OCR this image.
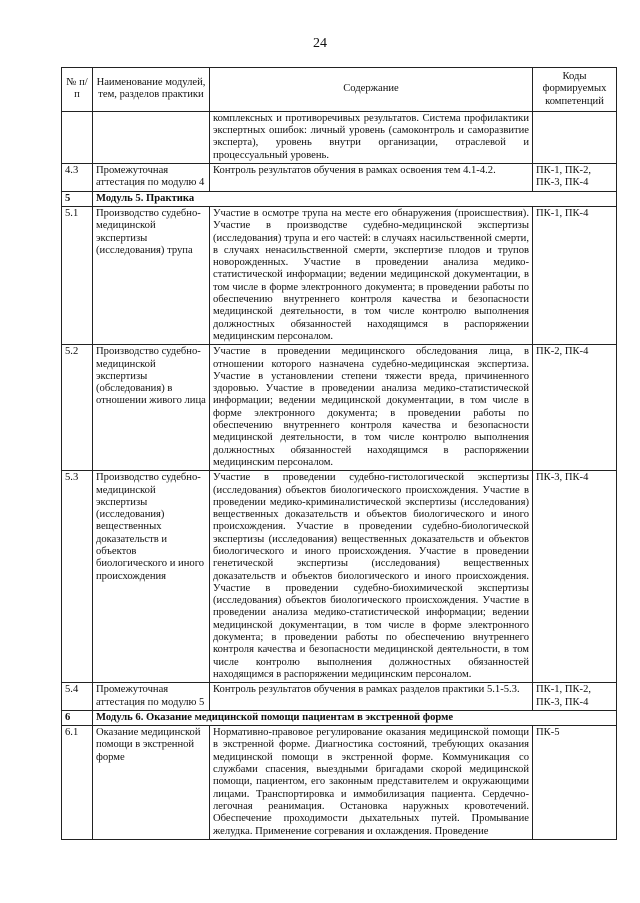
24
№ п/п	Наименование модулей, тем, разделов практики	Содержание	Коды формируемых компетенций
		комплексных и противоречивых результатов. Система профилактики экспертных ошибок: личный уровень (самоконтроль и саморазвитие эксперта), уровень внутри организации, отраслевой и процессуальный уровень.	
4.3	Промежуточная аттестация по модулю 4	Контроль результатов обучения в рамках освоения тем 4.1-4.2.	ПК-1, ПК-2, ПК-3, ПК-4
5	Модуль 5. Практика		
5.1	Производство судебно-медицинской экспертизы (исследования) трупа	Участие в осмотре трупа на месте его обнаружения (происшествия). Участие в производстве судебно-медицинской экспертизы (исследования) трупа и его частей: в случаях насильственной смерти, в случаях ненасильственной смерти, экспертизе плодов и трупов новорожденных. Участие в проведении анализа медико-статистической информации; ведении медицинской документации, в том числе в форме электронного документа; в проведении работы по обеспечению внутреннего контроля качества и безопасности медицинской деятельности, в том числе контролю выполнения должностных обязанностей находящимся в распоряжении медицинским персоналом.	ПК-1, ПК-4
5.2	Производство судебно-медицинской экспертизы (обследования) в отношении живого лица	Участие в проведении медицинского обследования лица, в отношении которого назначена судебно-медицинская экспертиза. Участие в установлении степени тяжести вреда, причиненного здоровью. Участие в проведении анализа медико-статистической информации; ведении медицинской документации, в том числе в форме электронного документа; в проведении работы по обеспечению внутреннего контроля качества и безопасности медицинской деятельности, в том числе контролю выполнения должностных обязанностей находящимся в распоряжении медицинским персоналом.	ПК-2, ПК-4
5.3	Производство судебно-медицинской экспертизы (исследования) вещественных доказательств и объектов биологического и иного происхождения	Участие в проведении судебно-гистологической экспертизы (исследования) объектов биологического происхождения. Участие в проведении медико-криминалистической экспертизы (исследования) вещественных доказательств и объектов биологического и иного происхождения. Участие в проведении судебно-биологической экспертизы (исследования) вещественных доказательств и объектов биологического и иного происхождения. Участие в проведении генетической экспертизы (исследования) вещественных доказательств и объектов биологического и иного происхождения. Участие в проведении судебно-биохимической экспертизы (исследования) объектов биологического происхождения. Участие в проведении анализа медико-статистической информации; ведении медицинской документации, в том числе в форме электронного документа; в проведении работы по обеспечению внутреннего контроля качества и безопасности медицинской деятельности, в том числе контролю выполнения должностных обязанностей находящимся в распоряжении медицинским персоналом.	ПК-3, ПК-4
5.4	Промежуточная аттестация по модулю 5	Контроль результатов обучения в рамках разделов практики 5.1-5.3.	ПК-1, ПК-2, ПК-3, ПК-4
6	Модуль 6. Оказание медицинской помощи пациентам в экстренной форме		
6.1	Оказание медицинской помощи в экстренной форме	Нормативно-правовое регулирование оказания медицинской помощи в экстренной форме. Диагностика состояний, требующих оказания медицинской помощи в экстренной форме. Коммуникация со службами спасения, выездными бригадами скорой медицинской помощи, пациентом, его законным представителем и окружающими лицами. Транспортировка и иммобилизация пациента. Сердечно-легочная реанимация. Остановка наружных кровотечений. Обеспечение проходимости дыхательных путей. Промывание желудка. Применение согревания и охлаждения. Проведение	ПК-5
